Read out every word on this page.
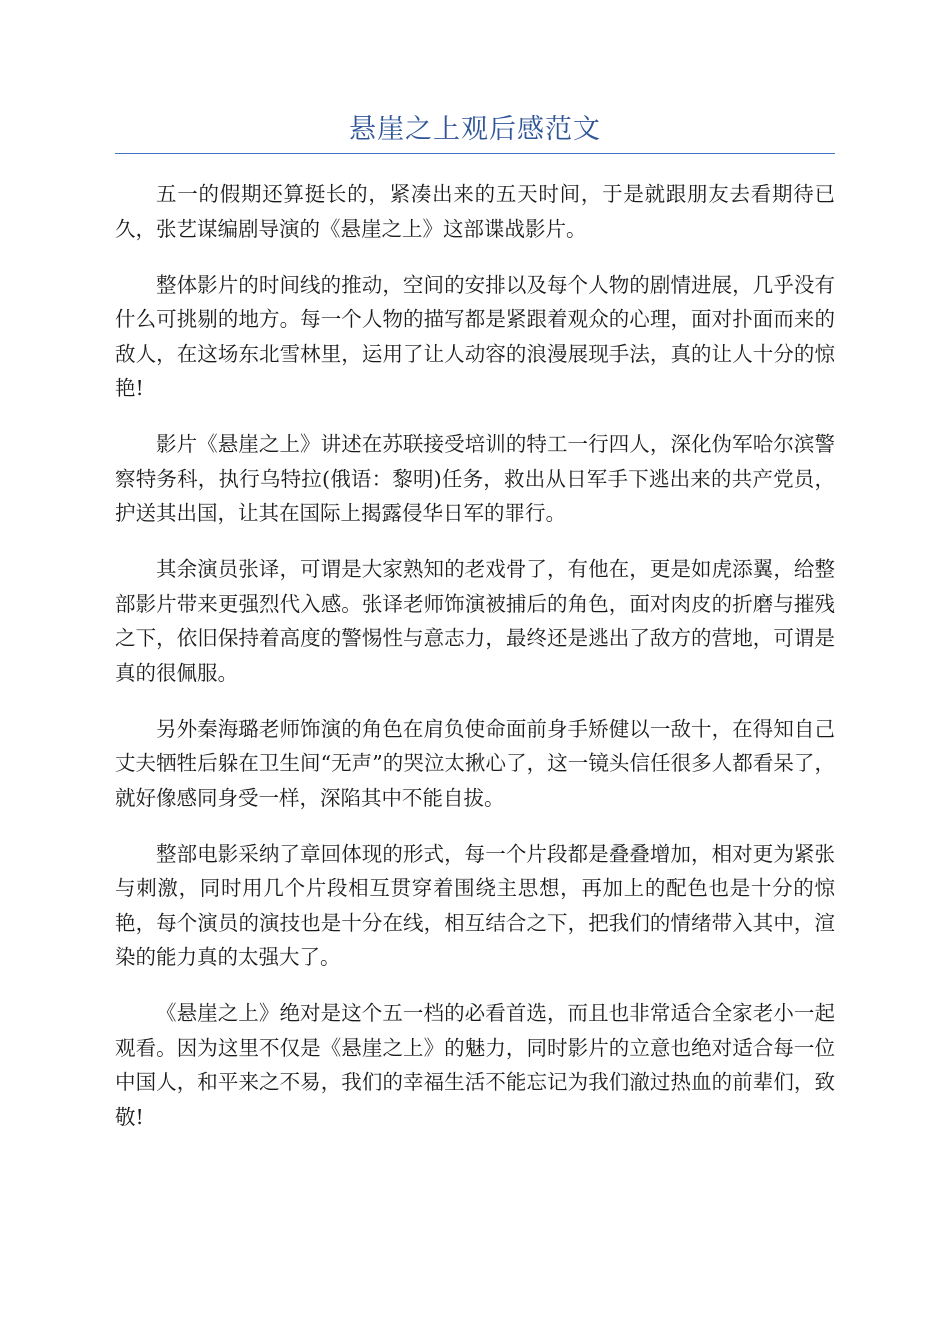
悬崖之上观后感范文

五一的假期还算挺长的，紧凑出来的五天时间，于是就跟朋友去看期待已久，张艺谋编剧导演的《悬崖之上》这部谍战影片。

整体影片的时间线的推动，空间的安排以及每个人物的剧情进展，几乎没有什么可挑剔的地方。每一个人物的描写都是紧跟着观众的心理，面对扑面而来的敌人，在这场东北雪林里，运用了让人动容的浪漫展现手法，真的让人十分的惊艳!

影片《悬崖之上》讲述在苏联接受培训的特工一行四人，深化伪军哈尔滨警察特务科，执行乌特拉(俄语：黎明)任务，救出从日军手下逃出来的共产党员，护送其出国，让其在国际上揭露侵华日军的罪行。

其余演员张译，可谓是大家熟知的老戏骨了，有他在，更是如虎添翼，给整部影片带来更强烈代入感。张译老师饰演被捕后的角色，面对肉皮的折磨与摧残之下，依旧保持着高度的警惕性与意志力，最终还是逃出了敌方的营地，可谓是真的很佩服。

另外秦海璐老师饰演的角色在肩负使命面前身手矫健以一敌十，在得知自己丈夫牺牲后躲在卫生间“无声”的哭泣太揪心了，这一镜头信任很多人都看呆了，就好像感同身受一样，深陷其中不能自拔。

整部电影采纳了章回体现的形式，每一个片段都是叠叠增加，相对更为紧张与刺激，同时用几个片段相互贯穿着围绕主思想，再加上的配色也是十分的惊艳，每个演员的演技也是十分在线，相互结合之下，把我们的情绪带入其中，渲染的能力真的太强大了。

《悬崖之上》绝对是这个五一档的必看首选，而且也非常适合全家老小一起观看。因为这里不仅是《悬崖之上》的魅力，同时影片的立意也绝对适合每一位中国人，和平来之不易，我们的幸福生活不能忘记为我们澈过热血的前辈们，致敬!
